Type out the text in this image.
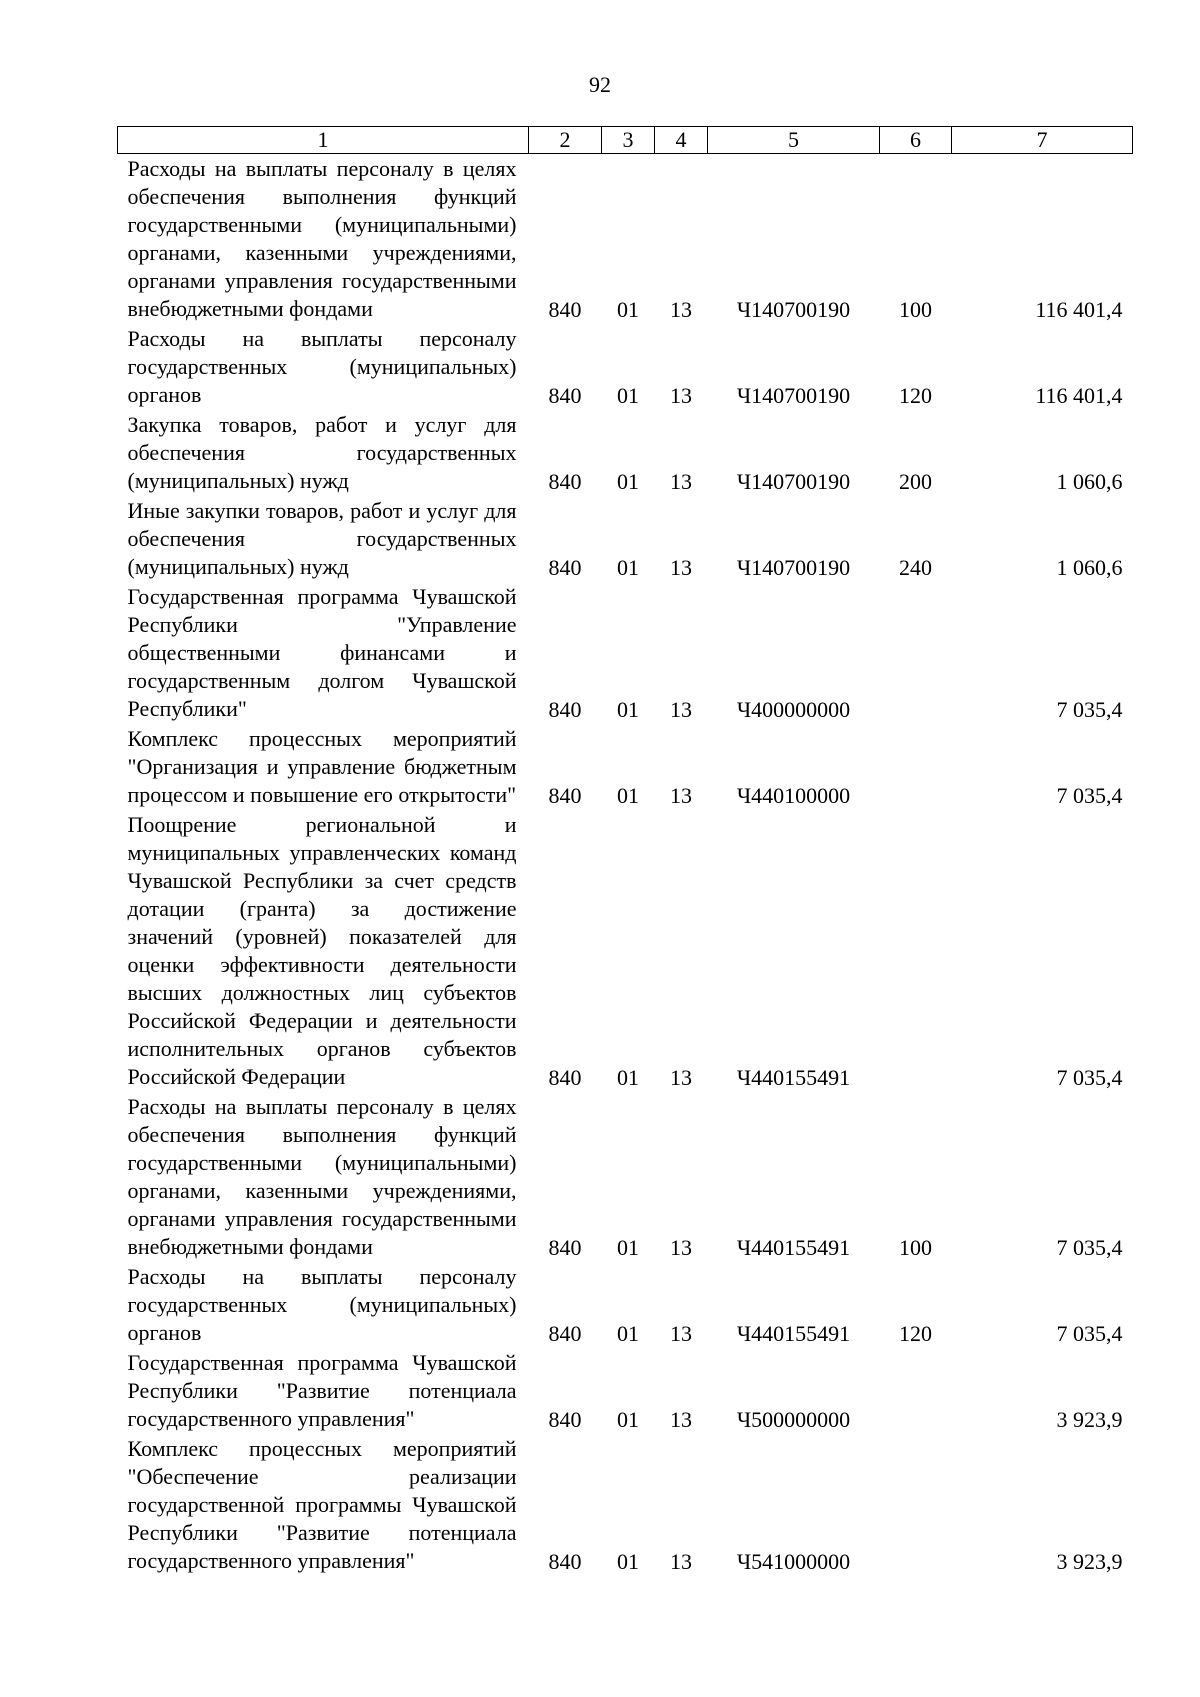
92
1	2	3	4	5	6	7
Расходы на выплаты персоналу в целях обеспечения выполнения функций государственными (муниципальными) органами, казенными учреждениями, органами управления государственными внебюджетными фондами	840	01	13	Ч140700190	100	116 401,4
Расходы на выплаты персоналу государственных (муниципальных) органов	840	01	13	Ч140700190	120	116 401,4
Закупка товаров, работ и услуг для обеспечения государственных (муниципальных) нужд	840	01	13	Ч140700190	200	1 060,6
Иные закупки товаров, работ и услуг для обеспечения государственных (муниципальных) нужд	840	01	13	Ч140700190	240	1 060,6
Государственная программа Чувашской Республики "Управление общественными финансами и государственным долгом Чувашской Республики"	840	01	13	Ч400000000		7 035,4
Комплекс процессных мероприятий "Организация и управление бюджетным процессом и повышение его открытости"	840	01	13	Ч440100000		7 035,4
Поощрение региональной и муниципальных управленческих команд Чувашской Республики за счет средств дотации (гранта) за достижение значений (уровней) показателей для оценки эффективности деятельности высших должностных лиц субъектов Российской Федерации и деятельности исполнительных органов субъектов Российской Федерации	840	01	13	Ч440155491		7 035,4
Расходы на выплаты персоналу в целях обеспечения выполнения функций государственными (муниципальными) органами, казенными учреждениями, органами управления государственными внебюджетными фондами	840	01	13	Ч440155491	100	7 035,4
Расходы на выплаты персоналу государственных (муниципальных) органов	840	01	13	Ч440155491	120	7 035,4
Государственная программа Чувашской Республики "Развитие потенциала государственного управления"	840	01	13	Ч500000000		3 923,9
Комплекс процессных мероприятий "Обеспечение реализации государственной программы Чувашской Республики "Развитие потенциала государственного управления"	840	01	13	Ч541000000		3 923,9
